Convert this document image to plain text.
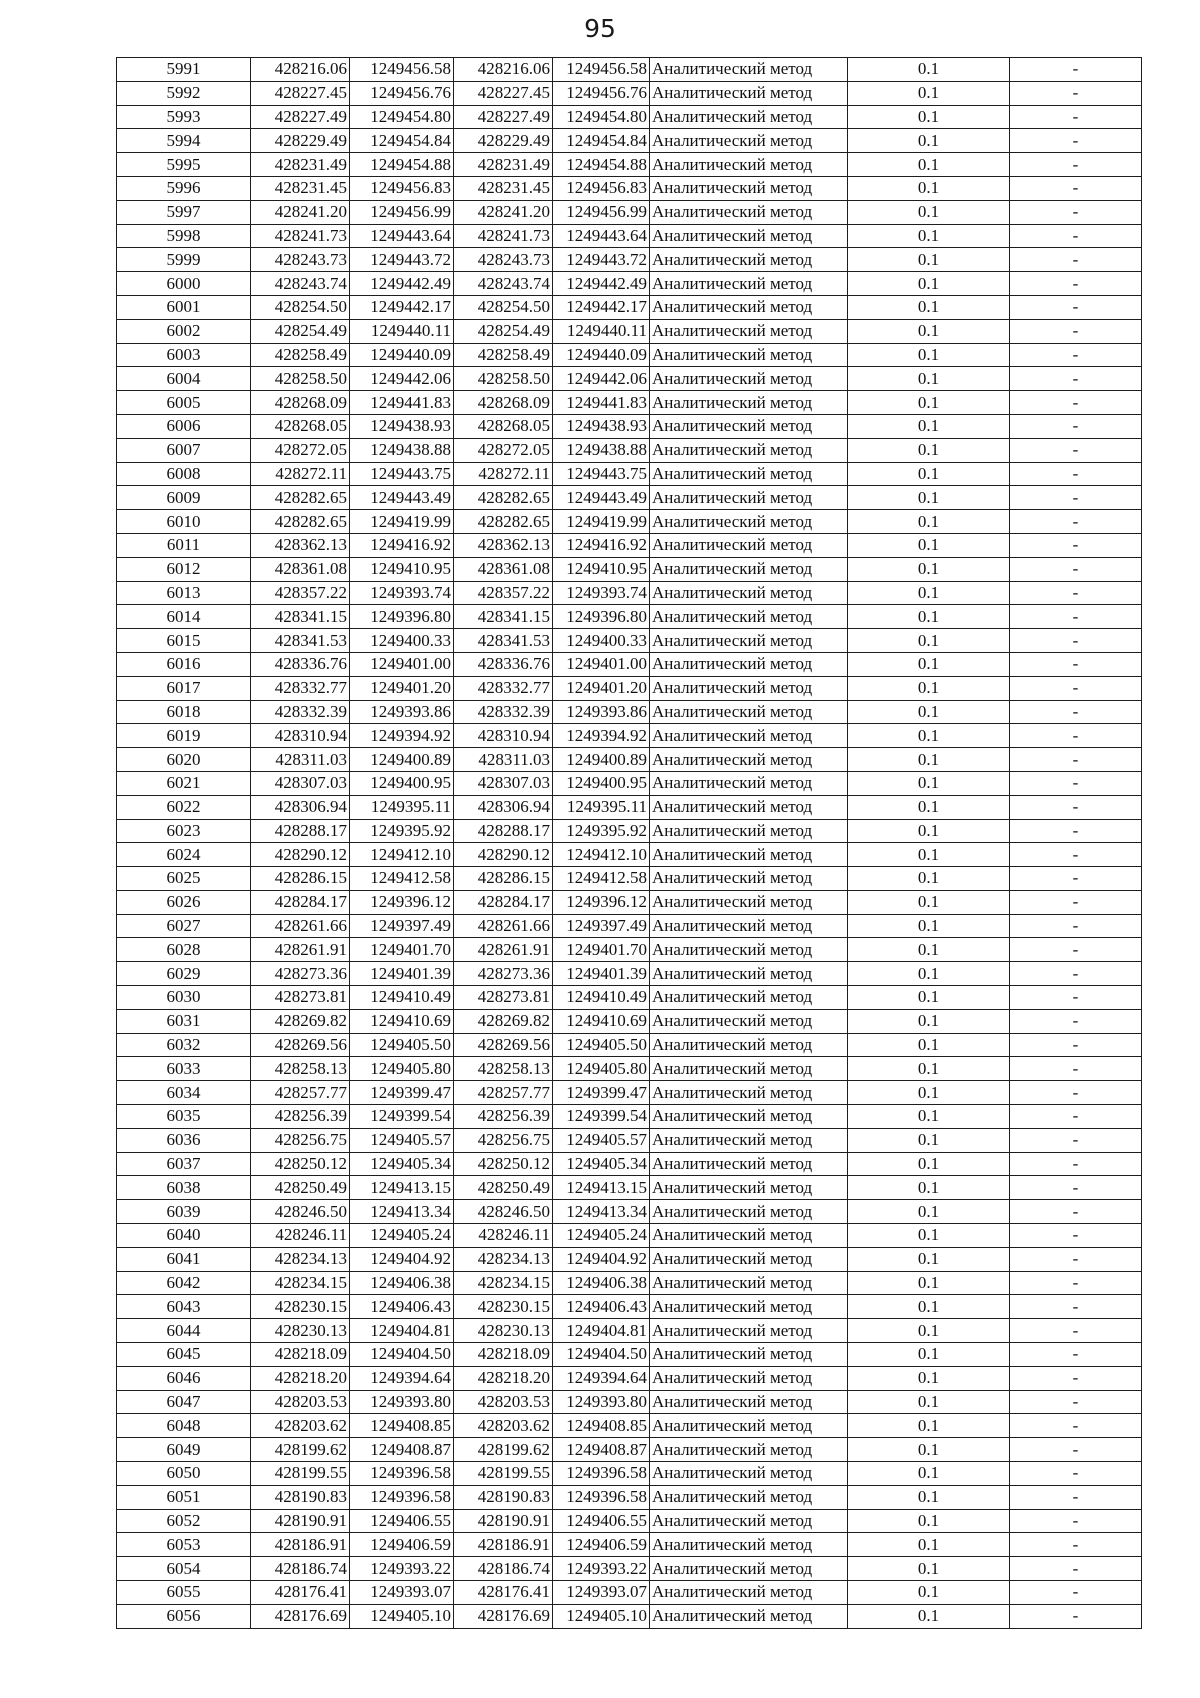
95
5991	428216.06	1249456.58	428216.06	1249456.58	Аналитический метод	0.1	-
5992	428227.45	1249456.76	428227.45	1249456.76	Аналитический метод	0.1	-
5993	428227.49	1249454.80	428227.49	1249454.80	Аналитический метод	0.1	-
5994	428229.49	1249454.84	428229.49	1249454.84	Аналитический метод	0.1	-
5995	428231.49	1249454.88	428231.49	1249454.88	Аналитический метод	0.1	-
5996	428231.45	1249456.83	428231.45	1249456.83	Аналитический метод	0.1	-
5997	428241.20	1249456.99	428241.20	1249456.99	Аналитический метод	0.1	-
5998	428241.73	1249443.64	428241.73	1249443.64	Аналитический метод	0.1	-
5999	428243.73	1249443.72	428243.73	1249443.72	Аналитический метод	0.1	-
6000	428243.74	1249442.49	428243.74	1249442.49	Аналитический метод	0.1	-
6001	428254.50	1249442.17	428254.50	1249442.17	Аналитический метод	0.1	-
6002	428254.49	1249440.11	428254.49	1249440.11	Аналитический метод	0.1	-
6003	428258.49	1249440.09	428258.49	1249440.09	Аналитический метод	0.1	-
6004	428258.50	1249442.06	428258.50	1249442.06	Аналитический метод	0.1	-
6005	428268.09	1249441.83	428268.09	1249441.83	Аналитический метод	0.1	-
6006	428268.05	1249438.93	428268.05	1249438.93	Аналитический метод	0.1	-
6007	428272.05	1249438.88	428272.05	1249438.88	Аналитический метод	0.1	-
6008	428272.11	1249443.75	428272.11	1249443.75	Аналитический метод	0.1	-
6009	428282.65	1249443.49	428282.65	1249443.49	Аналитический метод	0.1	-
6010	428282.65	1249419.99	428282.65	1249419.99	Аналитический метод	0.1	-
6011	428362.13	1249416.92	428362.13	1249416.92	Аналитический метод	0.1	-
6012	428361.08	1249410.95	428361.08	1249410.95	Аналитический метод	0.1	-
6013	428357.22	1249393.74	428357.22	1249393.74	Аналитический метод	0.1	-
6014	428341.15	1249396.80	428341.15	1249396.80	Аналитический метод	0.1	-
6015	428341.53	1249400.33	428341.53	1249400.33	Аналитический метод	0.1	-
6016	428336.76	1249401.00	428336.76	1249401.00	Аналитический метод	0.1	-
6017	428332.77	1249401.20	428332.77	1249401.20	Аналитический метод	0.1	-
6018	428332.39	1249393.86	428332.39	1249393.86	Аналитический метод	0.1	-
6019	428310.94	1249394.92	428310.94	1249394.92	Аналитический метод	0.1	-
6020	428311.03	1249400.89	428311.03	1249400.89	Аналитический метод	0.1	-
6021	428307.03	1249400.95	428307.03	1249400.95	Аналитический метод	0.1	-
6022	428306.94	1249395.11	428306.94	1249395.11	Аналитический метод	0.1	-
6023	428288.17	1249395.92	428288.17	1249395.92	Аналитический метод	0.1	-
6024	428290.12	1249412.10	428290.12	1249412.10	Аналитический метод	0.1	-
6025	428286.15	1249412.58	428286.15	1249412.58	Аналитический метод	0.1	-
6026	428284.17	1249396.12	428284.17	1249396.12	Аналитический метод	0.1	-
6027	428261.66	1249397.49	428261.66	1249397.49	Аналитический метод	0.1	-
6028	428261.91	1249401.70	428261.91	1249401.70	Аналитический метод	0.1	-
6029	428273.36	1249401.39	428273.36	1249401.39	Аналитический метод	0.1	-
6030	428273.81	1249410.49	428273.81	1249410.49	Аналитический метод	0.1	-
6031	428269.82	1249410.69	428269.82	1249410.69	Аналитический метод	0.1	-
6032	428269.56	1249405.50	428269.56	1249405.50	Аналитический метод	0.1	-
6033	428258.13	1249405.80	428258.13	1249405.80	Аналитический метод	0.1	-
6034	428257.77	1249399.47	428257.77	1249399.47	Аналитический метод	0.1	-
6035	428256.39	1249399.54	428256.39	1249399.54	Аналитический метод	0.1	-
6036	428256.75	1249405.57	428256.75	1249405.57	Аналитический метод	0.1	-
6037	428250.12	1249405.34	428250.12	1249405.34	Аналитический метод	0.1	-
6038	428250.49	1249413.15	428250.49	1249413.15	Аналитический метод	0.1	-
6039	428246.50	1249413.34	428246.50	1249413.34	Аналитический метод	0.1	-
6040	428246.11	1249405.24	428246.11	1249405.24	Аналитический метод	0.1	-
6041	428234.13	1249404.92	428234.13	1249404.92	Аналитический метод	0.1	-
6042	428234.15	1249406.38	428234.15	1249406.38	Аналитический метод	0.1	-
6043	428230.15	1249406.43	428230.15	1249406.43	Аналитический метод	0.1	-
6044	428230.13	1249404.81	428230.13	1249404.81	Аналитический метод	0.1	-
6045	428218.09	1249404.50	428218.09	1249404.50	Аналитический метод	0.1	-
6046	428218.20	1249394.64	428218.20	1249394.64	Аналитический метод	0.1	-
6047	428203.53	1249393.80	428203.53	1249393.80	Аналитический метод	0.1	-
6048	428203.62	1249408.85	428203.62	1249408.85	Аналитический метод	0.1	-
6049	428199.62	1249408.87	428199.62	1249408.87	Аналитический метод	0.1	-
6050	428199.55	1249396.58	428199.55	1249396.58	Аналитический метод	0.1	-
6051	428190.83	1249396.58	428190.83	1249396.58	Аналитический метод	0.1	-
6052	428190.91	1249406.55	428190.91	1249406.55	Аналитический метод	0.1	-
6053	428186.91	1249406.59	428186.91	1249406.59	Аналитический метод	0.1	-
6054	428186.74	1249393.22	428186.74	1249393.22	Аналитический метод	0.1	-
6055	428176.41	1249393.07	428176.41	1249393.07	Аналитический метод	0.1	-
6056	428176.69	1249405.10	428176.69	1249405.10	Аналитический метод	0.1	-
